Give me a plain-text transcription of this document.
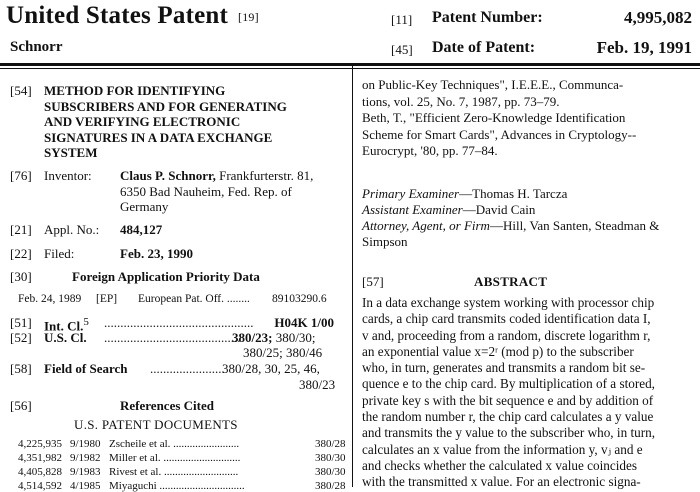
United States Patent [19]
Schnorr
[11] Patent Number:	4,995,082
[45] Date of Patent:	Feb. 19, 1991
[54] METHOD FOR IDENTIFYING
SUBSCRIBERS AND FOR GENERATING
AND VERIFYING ELECTRONIC
SIGNATURES IN A DATA EXCHANGE
SYSTEM
[76] Inventor: Claus P. Schnorr, Frankfurterstr. 81,
6350 Bad Nauheim, Fed. Rep. of
Germany
[21] Appl. No.: 484,127
[22] Filed:	Feb. 23, 1990
[30]	Foreign Application Priority Data
Feb. 24, 1989 [EP] European Pat. Off. ........ 89103290.6
[51] Int. Cl.$^5$ .............................................. H04K 1/00
[52] U.S. Cl. ..........................................
380/23; 380/30;
380/25; 380/46
[58] Field of Search .......................
380/28, 30, 25, 46,
380/23
[56]	References Cited
U.S. PATENT DOCUMENTS
4,225,935 9/1980 Zscheile et al. ........................	380/28
4,351,982 9/1982 Miller et al. ............................	380/30
4,405,828 9/1983 Rivest et al. ...........................	380/30
4,514,592 4/1985 Miyaguchi ...............................	380/28
on Public-Key Techniques", I.E.E.E., Communca-
tions, vol. 25, No. 7, 1987, pp. 73–79.
Beth, T., "Efficient Zero-Knowledge Identification
Scheme for Smart Cards", Advances in Cryptology--
Eurocrypt, '80, pp. 77–84.
Primary Examiner—Thomas H. Tarcza
Assistant Examiner—David Cain
Attorney, Agent, or Firm—Hill, Van Santen, Steadman &
Simpson
[57]	ABSTRACT
In a data exchange system working with processor chip
cards, a chip card transmits coded identification data I,
v and, proceeding from a random, discrete logarithm r,
an exponential value x=2ʳ (mod p) to the subscriber
who, in turn, generates and transmits a random bit se-
quence e to the chip card. By multiplication of a stored,
private key s with the bit sequence e and by addition of
the random number r, the chip card calculates a y value
and transmits the y value to the subscriber who, in turn,
calculates an x value from the information y, vⱼ and e
and checks whether the calculated x value coincides
with the transmitted x value. For an electronic signa-
